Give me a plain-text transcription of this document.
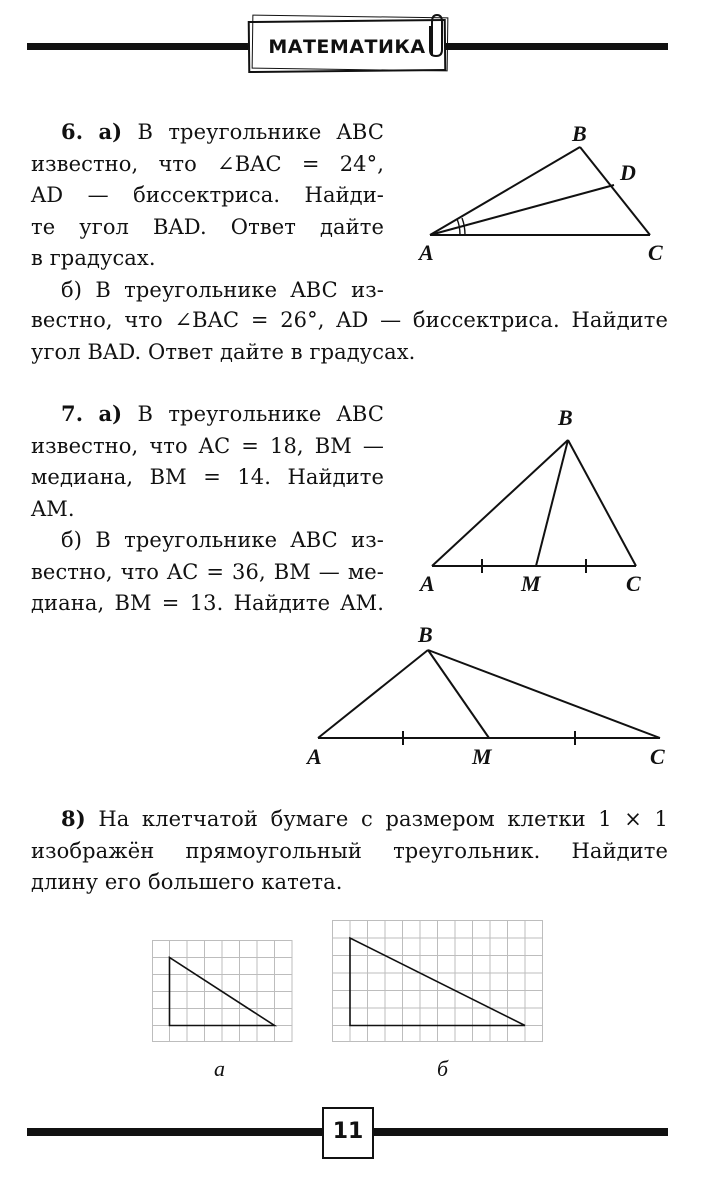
МАТЕМАТИКА
6. а) В треугольнике ABC
известно, что ∠BAC = 24°,
AD — биссектриса. Найди-
те угол BAD. Ответ дайте
в градусах.
б) В треугольнике ABC из-
вестно, что ∠BAC = 26°, AD — биссектриса. Найдите
угол BAD. Ответ дайте в градусах.
A
B
C
D
7. а) В треугольнике ABC
известно, что AC = 18, BM —
медиана, BM = 14. Найдите
AM.
б) В треугольнике ABC из-
вестно, что AC = 36, BM — ме-
диана, BM = 13. Найдите AM.
A
B
M	C
A
B
M	C
8) На клетчатой бумаге с размером клетки 1 × 1
изображён прямоугольный треугольник. Найдите
длину его большего катета.
а	б
11
